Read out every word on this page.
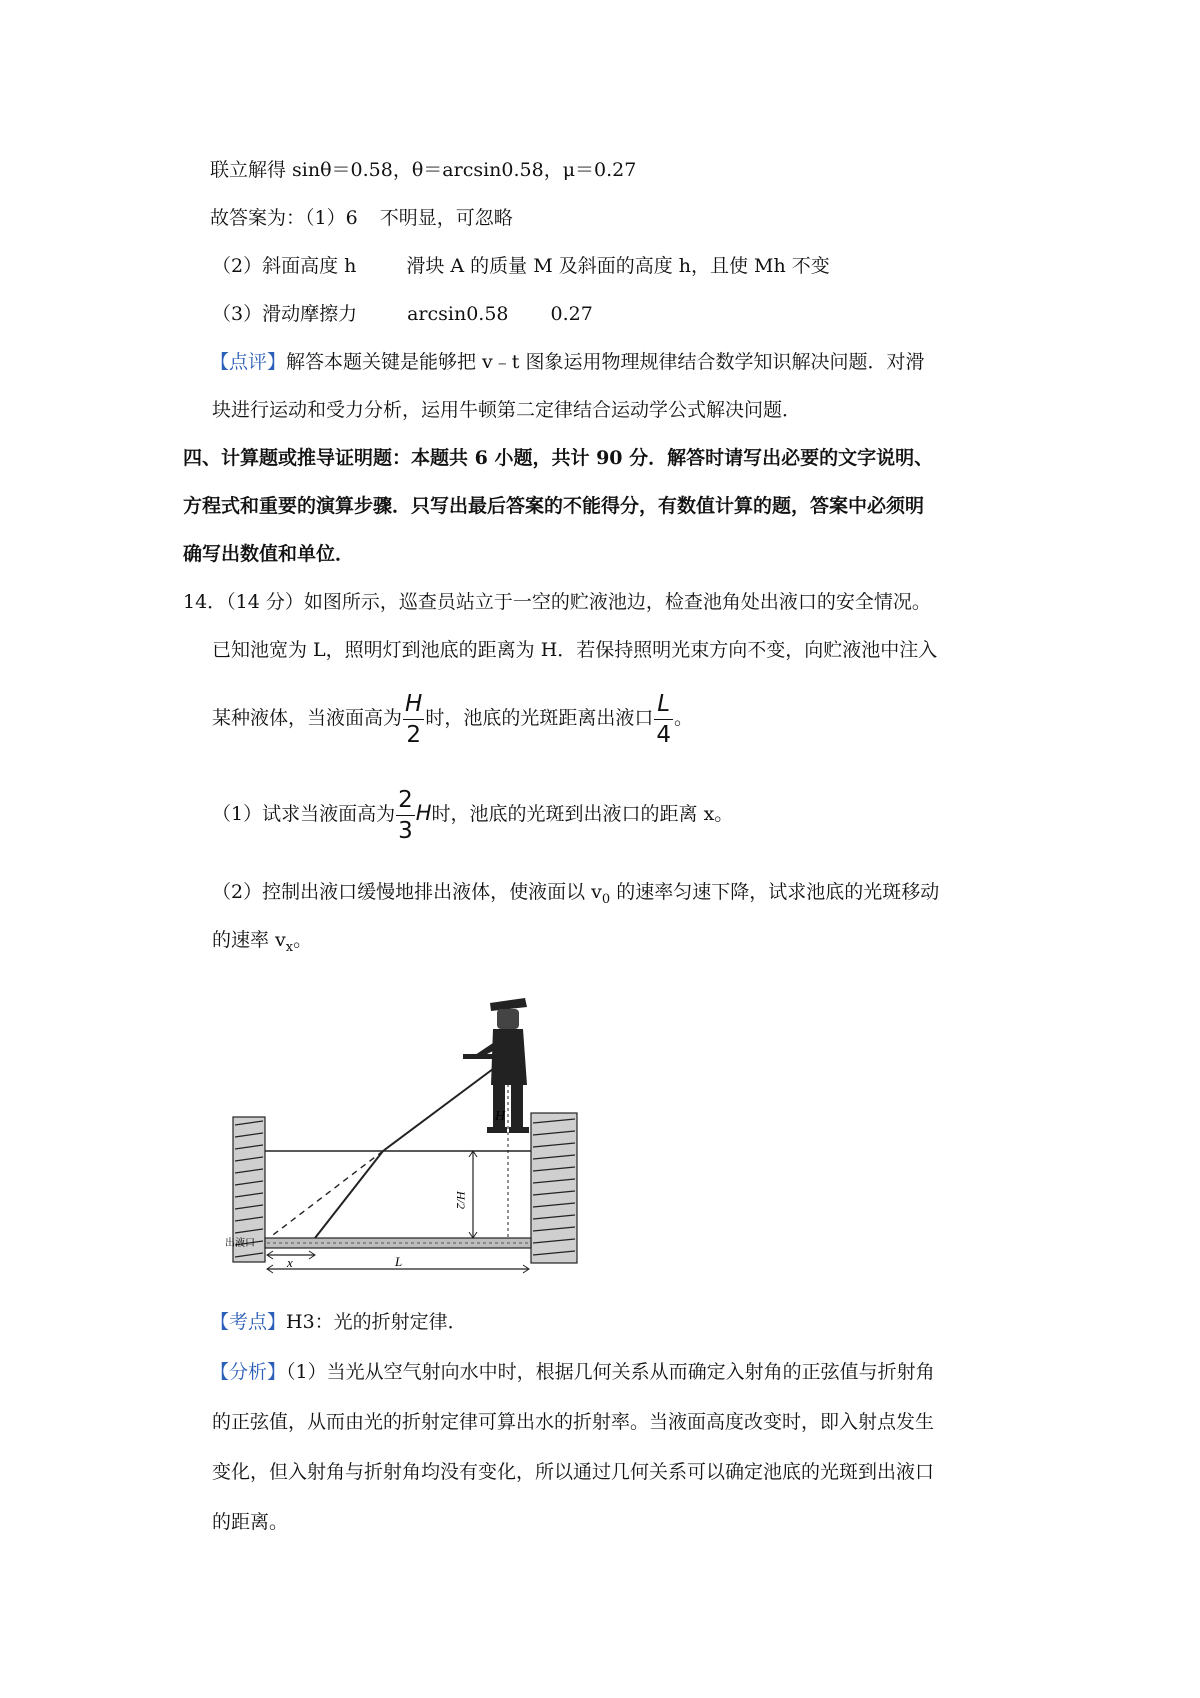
联立解得 sinθ＝0.58，θ＝arcsin0.58，μ＝0.27
故答案为：（1）6 不明显，可忽略
（2）斜面高度 h	滑块 A 的质量 M 及斜面的高度 h，且使 Mh 不变
（3）滑动摩擦力	arcsin0.58 0.27
【点评】解答本题关键是能够把 v﹣t 图象运用物理规律结合数学知识解决问题．对滑
块进行运动和受力分析，运用牛顿第二定律结合运动学公式解决问题．
四、计算题或推导证明题：本题共 6 小题，共计 90 分．解答时请写出必要的文字说明、
方程式和重要的演算步骤．只写出最后答案的不能得分，有数值计算的题，答案中必须明
确写出数值和单位．
14．（14 分）如图所示，巡查员站立于一空的贮液池边，检查池角处出液口的安全情况。
已知池宽为 L，照明灯到池底的距离为 H．若保持照明光束方向不变，向贮液池中注入
某种液体，当液面高为 $\frac{H}{2}$ 时，池底的光斑距离出液口 $\frac{L}{4}$ 。
（1）试求当液面高为 $\frac{2}{3}$ H时，池底的光斑到出液口的距离 x。
（2）控制出液口缓慢地排出液体，使液面以 $v_0$ 的速率匀速下降，试求池底的光斑移动
的速率 $v_x$。
H
H/2
出液口
x	L
【考点】H3：光的折射定律．
【分析】（1）当光从空气射向水中时，根据几何关系从而确定入射角的正弦值与折射角
的正弦值，从而由光的折射定律可算出水的折射率。当液面高度改变时，即入射点发生
变化，但入射角与折射角均没有变化，所以通过几何关系可以确定池底的光斑到出液口
的距离。
